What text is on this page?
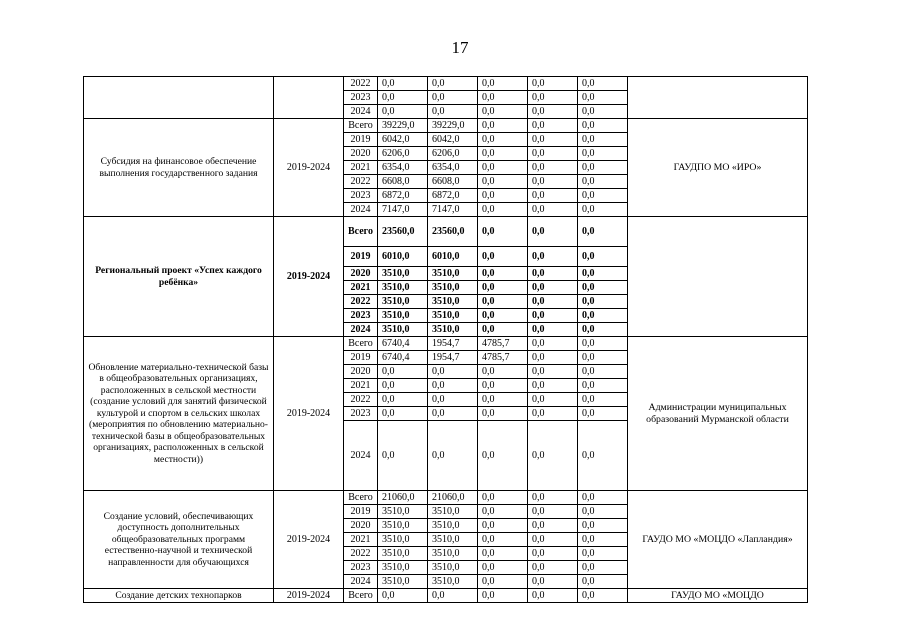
17
		2022	0,0	0,0	0,0	0,0	0,0	
		2023	0,0	0,0	0,0	0,0	0,0	
		2024	0,0	0,0	0,0	0,0	0,0	
Субсидия на финансовое обеспечение выполнения государственного задания	2019-2024	Всего	39229,0	39229,0	0,0	0,0	0,0	ГАУДПО МО «ИРО»
		2019	6042,0	6042,0	0,0	0,0	0,0	
		2020	6206,0	6206,0	0,0	0,0	0,0	
		2021	6354,0	6354,0	0,0	0,0	0,0	
		2022	6608,0	6608,0	0,0	0,0	0,0	
		2023	6872,0	6872,0	0,0	0,0	0,0	
		2024	7147,0	7147,0	0,0	0,0	0,0	
Региональный проект «Успех каждого ребёнка»	2019-2024	Всего	23560,0	23560,0	0,0	0,0	0,0	
		2019	6010,0	6010,0	0,0	0,0	0,0	
		2020	3510,0	3510,0	0,0	0,0	0,0	
		2021	3510,0	3510,0	0,0	0,0	0,0	
		2022	3510,0	3510,0	0,0	0,0	0,0	
		2023	3510,0	3510,0	0,0	0,0	0,0	
		2024	3510,0	3510,0	0,0	0,0	0,0	
Обновление материально-технической базы в общеобразовательных организациях, расположенных в сельской местности (создание условий для занятий физической культурой и спортом в сельских школах (мероприятия по обновлению материально-технической базы в общеобразовательных организациях, расположенных в сельской местности))	2019-2024	Всего	6740,4	1954,7	4785,7	0,0	0,0	Администрации муниципальных образований Мурманской области
		2019	6740,4	1954,7	4785,7	0,0	0,0	
		2020	0,0	0,0	0,0	0,0	0,0	
		2021	0,0	0,0	0,0	0,0	0,0	
		2022	0,0	0,0	0,0	0,0	0,0	
		2023	0,0	0,0	0,0	0,0	0,0	
		2024	0,0	0,0	0,0	0,0	0,0	
Создание условий, обеспечивающих доступность дополнительных общеобразовательных программ естественно-научной и технической направленности для обучающихся	2019-2024	Всего	21060,0	21060,0	0,0	0,0	0,0	ГАУДО МО «МОЦДО «Лапландия»
		2019	3510,0	3510,0	0,0	0,0	0,0	
		2020	3510,0	3510,0	0,0	0,0	0,0	
		2021	3510,0	3510,0	0,0	0,0	0,0	
		2022	3510,0	3510,0	0,0	0,0	0,0	
		2023	3510,0	3510,0	0,0	0,0	0,0	
		2024	3510,0	3510,0	0,0	0,0	0,0	
Создание детских технопарков	2019-2024	Всего	0,0	0,0	0,0	0,0	0,0	ГАУДО МО «МОЦДО
